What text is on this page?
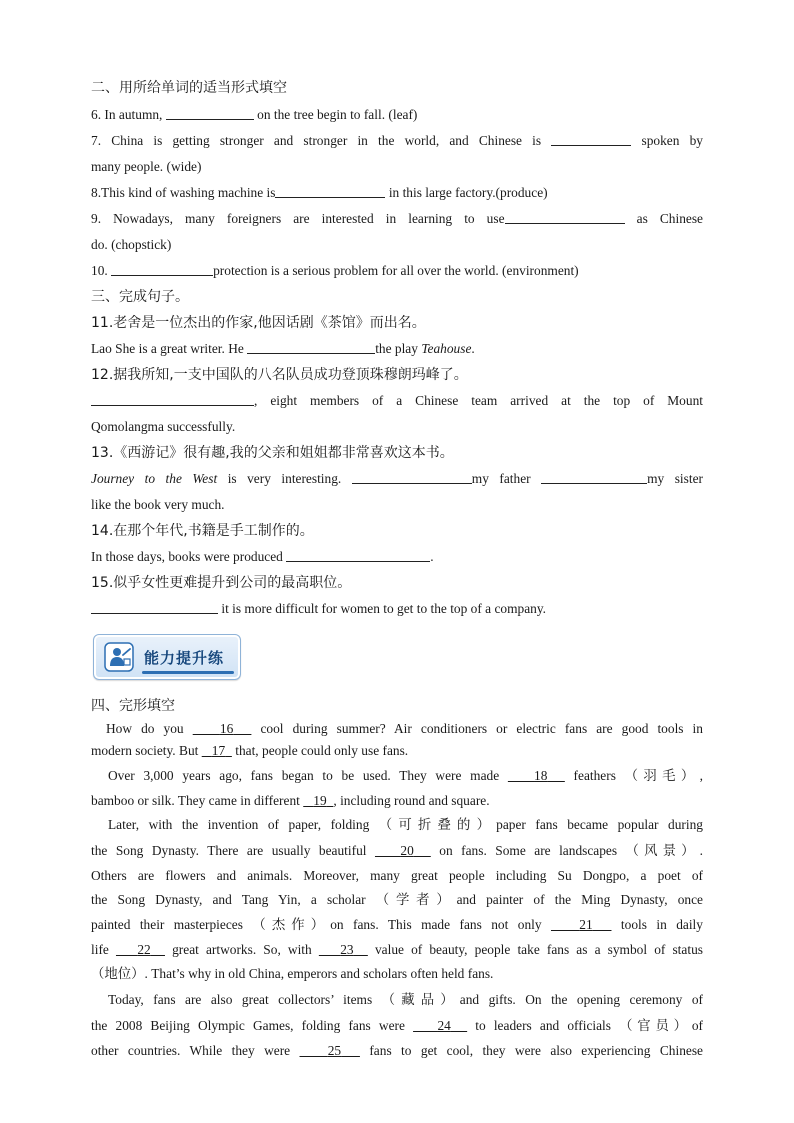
二、用所给单词的适当形式填空
6. In autumn,	on the tree begin to fall. (leaf)
7. China is getting stronger and stronger in the world, and Chinese is	spoken by
many people. (wide)
8.This kind of washing machine is	in this large factory.(produce)
9. Nowadays, many foreigners are interested in learning to use	as Chinese
do. (chopstick)
10.	protection is a serious problem for all over the world. (environment)
三、完成句子。
11.老舍是一位杰出的作家,他因话剧《茶馆》而出名。
Lao She is a great writer. He	the play Teahouse.
12.据我所知,一支中国队的八名队员成功登顶珠穆朗玛峰了。
, eight members of a Chinese team arrived at the top of Mount
Qomolangma successfully.
13.《西游记》很有趣,我的父亲和姐姐都非常喜欢这本书。
Journey to the West is very interesting.	my father	my sister
like the book very much.
14.在那个年代,书籍是手工制作的。
In those days, books were produced	.
15.似乎女性更难提升到公司的最高职位。
it is more difficult for women to get to the top of a company.
能力提升练
四、完形填空
How do you	16 cool during summer? Air conditioners or electric fans are good tools in
modern society. But 17 that, people could only use fans.
Over 3,000 years ago, fans began to be used. They were made	18 feathers （羽毛）,
bamboo or silk. They came in different 19 , including round and square.
Later, with the invention of paper, folding （可折叠的）paper fans became popular during
the Song Dynasty. There are usually beautiful	20 on fans. Some are landscapes （风景）.
Others are flowers and animals. Moreover, many great people including Su Dongpo, a poet of
the Song Dynasty, and Tang Yin, a scholar （学者）and painter of the Ming Dynasty, once
painted their masterpieces （杰作）on fans. This made fans not only	21 tools in daily
life 22 great artworks. So, with 23 value of beauty, people take fans as a symbol of status
（地位）. That’s why in old China, emperors and scholars often held fans.
Today, fans are also great collectors’ items （藏品）and gifts. On the opening ceremony of
the 2008 Beijing Olympic Games, folding fans were 24 to leaders and officials （官员）of
other countries. While they were	25 fans to get cool, they were also experiencing Chinese
